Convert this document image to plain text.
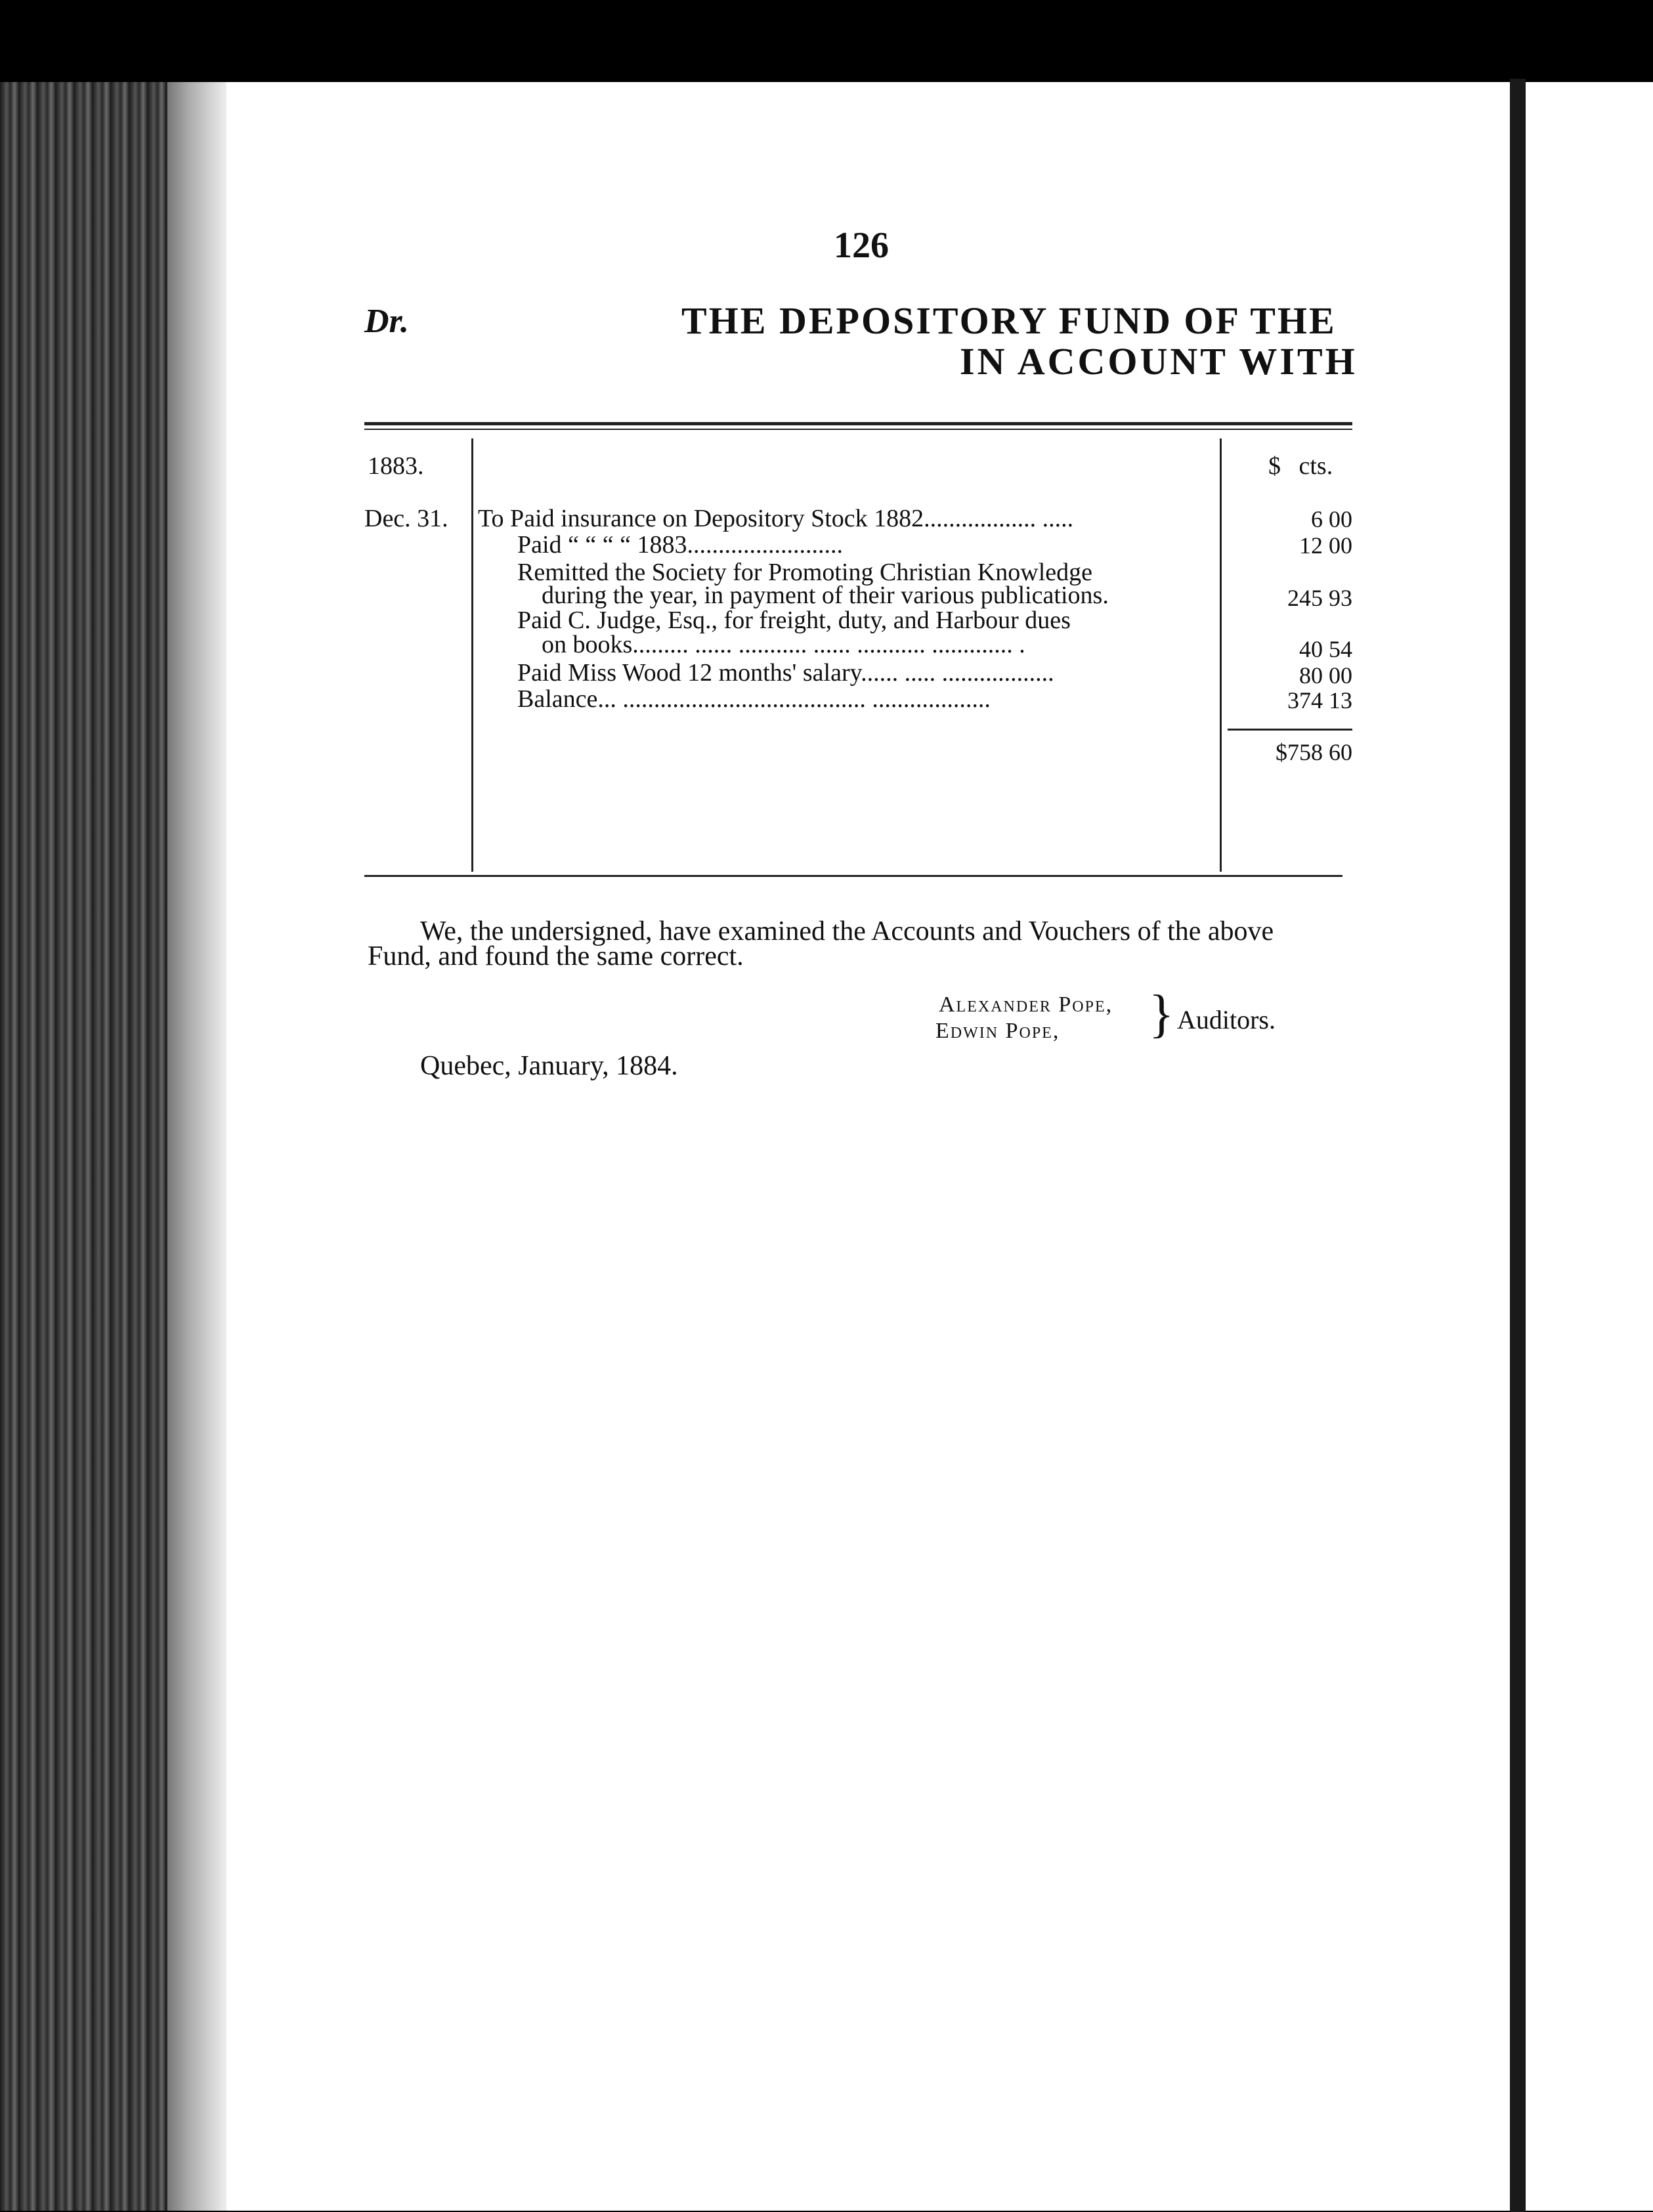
126
Dr.	THE DEPOSITORY FUND OF THE
IN ACCOUNT WITH
1883.	$ cts.
Dec. 31. To Paid insurance on Depository Stock 1882.................. .....	6 00
Paid “ “ “ “ 1883.........................	12 00
Remitted the Society for Promoting Christian Knowledge
during the year, in payment of their various publications.	245 93
Paid C. Judge, Esq., for freight, duty, and Harbour dues
on books......... ...... ........... ...... ........... ............. .	40 54
Paid Miss Wood 12 months' salary...... ..... ..................	80 00
Balance... ....................................... ...................	374 13
$758 60
We, the undersigned, have examined the Accounts and Vouchers of the above
Fund, and found the same correct.
Alexander Pope,
Edwin Pope, } Auditors.
Quebec, January, 1884.
